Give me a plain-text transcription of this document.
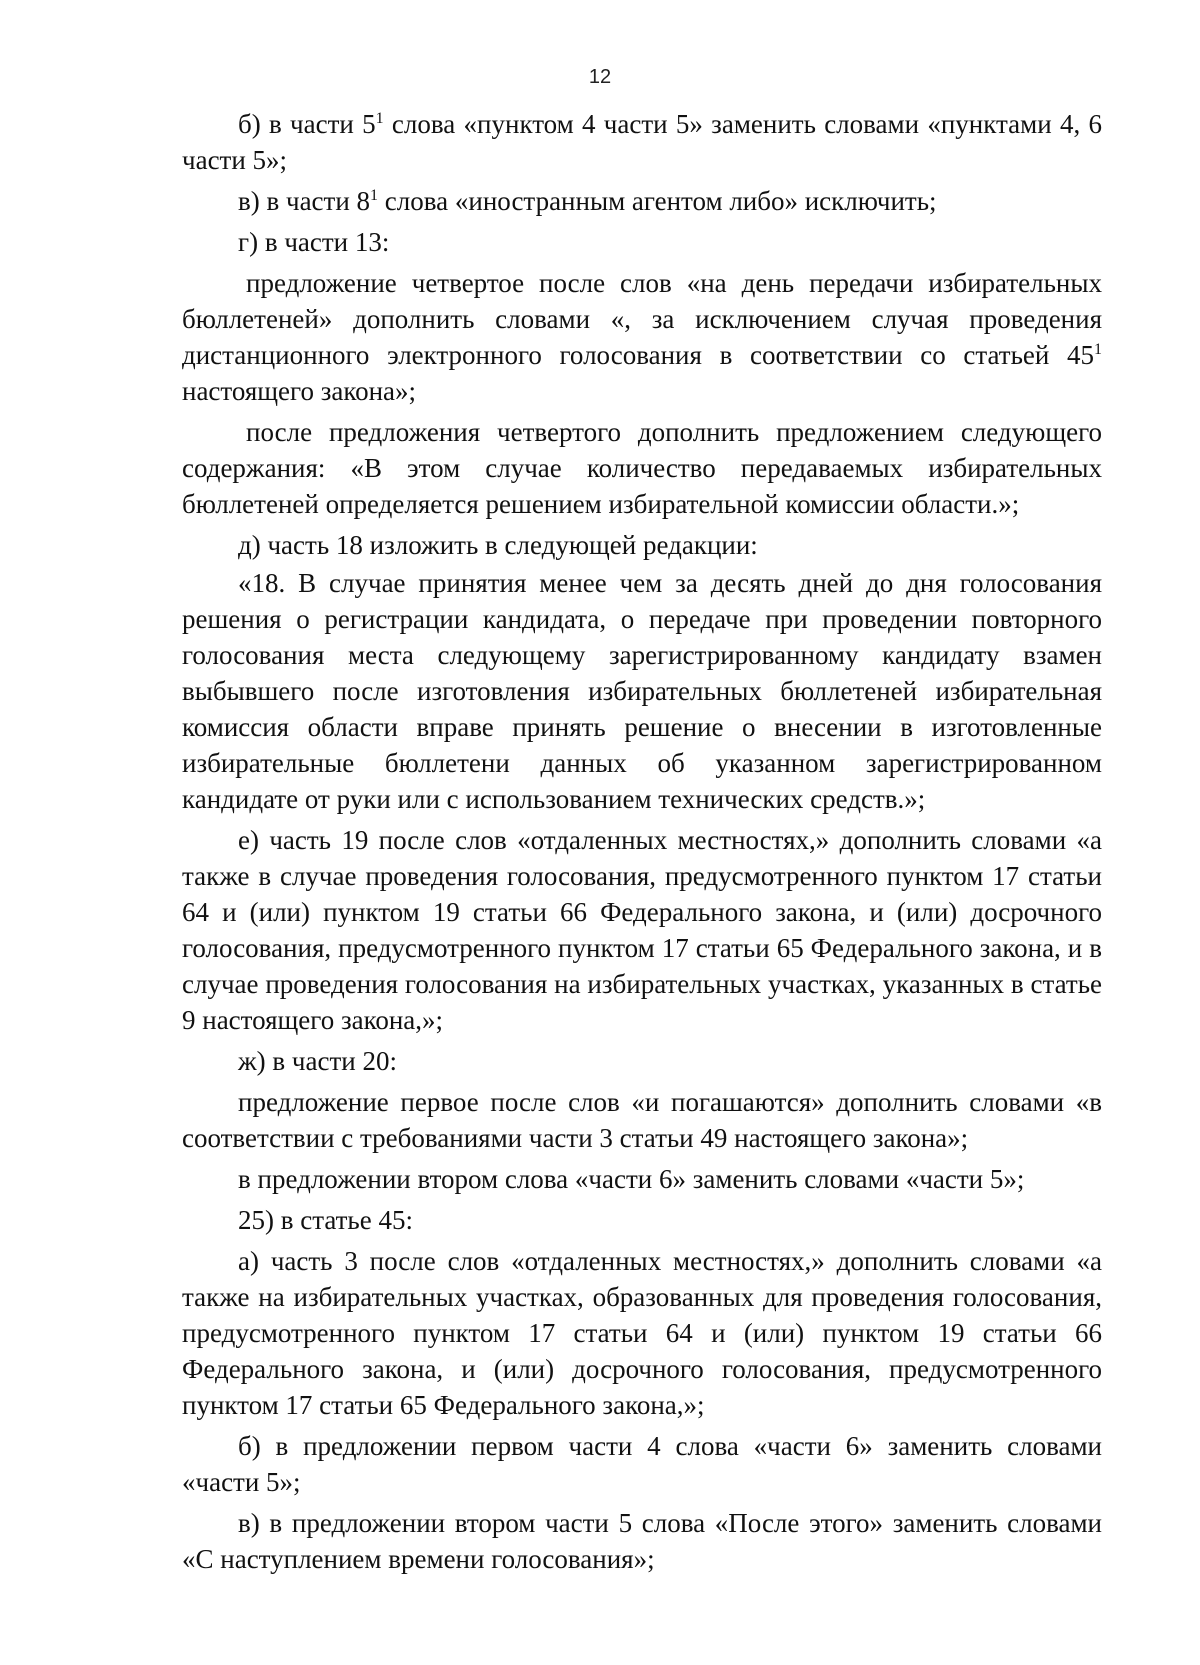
12

б) в части $5^1$ слова «пунктом 4 части 5» заменить словами «пунктами 4, 6 части 5»;

в) в части $8^1$ слова «иностранным агентом либо» исключить;

г) в части 13:

предложение четвертое после слов «на день передачи избирательных бюллетеней» дополнить словами «, за исключением случая проведения дистанционного электронного голосования в соответствии со статьей $45^1$ настоящего закона»;

после предложения четвертого дополнить предложением следующего содержания: «В этом случае количество передаваемых избирательных бюллетеней определяется решением избирательной комиссии области.»;

д) часть 18 изложить в следующей редакции:

«18. В случае принятия менее чем за десять дней до дня голосования решения о регистрации кандидата, о передаче при проведении повторного голосования места следующему зарегистрированному кандидату взамен выбывшего после изготовления избирательных бюллетеней избирательная комиссия области вправе принять решение о внесении в изготовленные избирательные бюллетени данных об указанном зарегистрированном кандидате от руки или с использованием технических средств.»;

е) часть 19 после слов «отдаленных местностях,» дополнить словами «а также в случае проведения голосования, предусмотренного пунктом 17 статьи 64 и (или) пунктом 19 статьи 66 Федерального закона, и (или) досрочного голосования, предусмотренного пунктом 17 статьи 65 Федерального закона, и в случае проведения голосования на избирательных участках, указанных в статье 9 настоящего закона,»;

ж) в части 20:

предложение первое после слов «и погашаются» дополнить словами «в соответствии с требованиями части 3 статьи 49 настоящего закона»;

в предложении втором слова «части 6» заменить словами «части 5»;

25) в статье 45:

а) часть 3 после слов «отдаленных местностях,» дополнить словами «а также на избирательных участках, образованных для проведения голосования, предусмотренного пунктом 17 статьи 64 и (или) пунктом 19 статьи 66 Федерального закона, и (или) досрочного голосования, предусмотренного пунктом 17 статьи 65 Федерального закона,»;

б) в предложении первом части 4 слова «части 6» заменить словами «части 5»;

в) в предложении втором части 5 слова «После этого» заменить словами «С наступлением времени голосования»;
